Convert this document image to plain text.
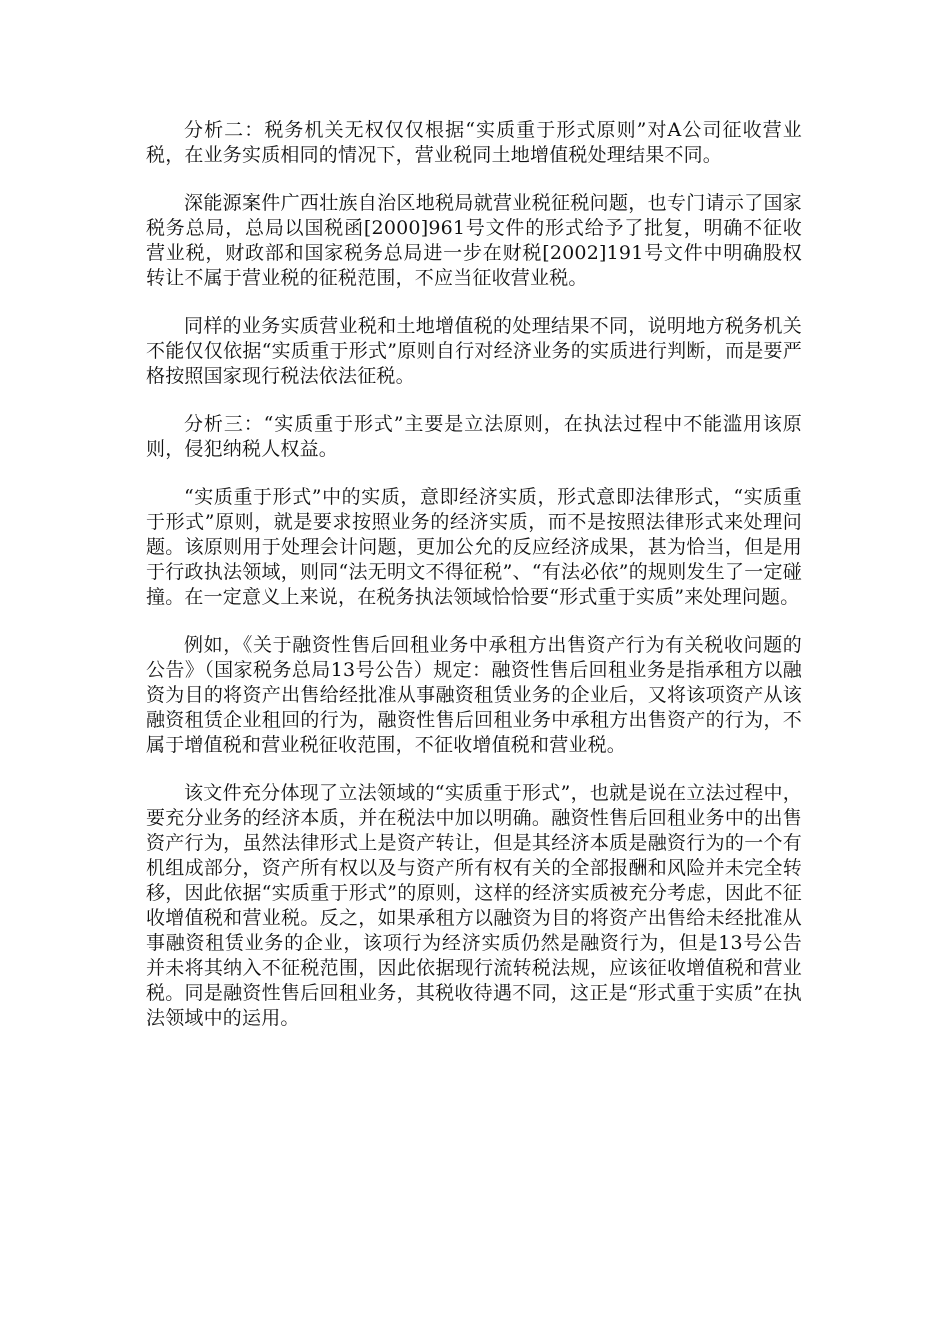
分析二：税务机关无权仅仅根据“实质重于形式原则”对A公司征收营业税，在业务实质相同的情况下，营业税同土地增值税处理结果不同。

深能源案件广西壮族自治区地税局就营业税征税问题，也专门请示了国家税务总局，总局以国税函[2000]961号文件的形式给予了批复，明确不征收营业税，财政部和国家税务总局进一步在财税[2002]191号文件中明确股权转让不属于营业税的征税范围，不应当征收营业税。

同样的业务实质营业税和土地增值税的处理结果不同，说明地方税务机关不能仅仅依据“实质重于形式”原则自行对经济业务的实质进行判断，而是要严格按照国家现行税法依法征税。

分析三：“实质重于形式”主要是立法原则，在执法过程中不能滥用该原则，侵犯纳税人权益。

“实质重于形式”中的实质，意即经济实质，形式意即法律形式，“实质重于形式”原则，就是要求按照业务的经济实质，而不是按照法律形式来处理问题。该原则用于处理会计问题，更加公允的反应经济成果，甚为恰当，但是用于行政执法领域，则同“法无明文不得征税”、“有法必依”的规则发生了一定碰撞。在一定意义上来说，在税务执法领域恰恰要“形式重于实质”来处理问题。

例如，《关于融资性售后回租业务中承租方出售资产行为有关税收问题的公告》（国家税务总局13号公告）规定：融资性售后回租业务是指承租方以融资为目的将资产出售给经批准从事融资租赁业务的企业后，又将该项资产从该融资租赁企业租回的行为，融资性售后回租业务中承租方出售资产的行为，不属于增值税和营业税征收范围，不征收增值税和营业税。

该文件充分体现了立法领域的“实质重于形式”，也就是说在立法过程中，要充分业务的经济本质，并在税法中加以明确。融资性售后回租业务中的出售资产行为，虽然法律形式上是资产转让，但是其经济本质是融资行为的一个有机组成部分，资产所有权以及与资产所有权有关的全部报酬和风险并未完全转移，因此依据“实质重于形式”的原则，这样的经济实质被充分考虑，因此不征收增值税和营业税。反之，如果承租方以融资为目的将资产出售给未经批准从事融资租赁业务的企业，该项行为经济实质仍然是融资行为，但是13号公告并未将其纳入不征税范围，因此依据现行流转税法规，应该征收增值税和营业税。同是融资性售后回租业务，其税收待遇不同，这正是“形式重于实质”在执法领域中的运用。
